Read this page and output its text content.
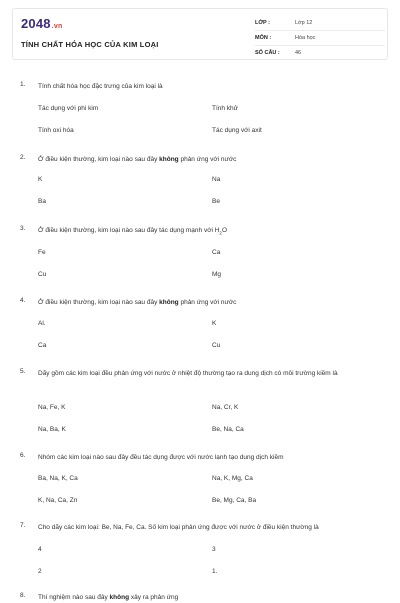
2048.vn
TÍNH CHẤT HÓA HỌC CỦA KIM LOẠI
LỚP :	Lớp 12
MÔN :	Hóa học
SỐ CÂU :	46
1. Tính chất hóa học đặc trưng của kim loại là
Tác dụng với phi kim	Tính khử
Tính oxi hóa	Tác dụng với axit
2. Ở điều kiện thường, kim loại nào sau đây không phản ứng với nước
K	Na
Ba	Be
3. Ở điều kiện thường, kim loại nào sau đây tác dụng mạnh với $H_2O$
Fe	Ca
Cu	Mg
4. Ở điều kiện thường, kim loại nào sau đây không phản ứng với nước
Al.	K
Ca	Cu
5. Dãy gồm các kim loại đều phản ứng với nước ở nhiệt độ thường tạo ra dung dịch có môi trường kiềm là
Na, Fe, K	Na, Cr, K
Na, Ba, K	Be, Na, Ca
6. Nhóm các kim loại nào sau đây đều tác dụng được với nước lạnh tạo dung dịch kiềm
Ba, Na, K, Ca	Na, K, Mg, Ca
K, Na, Ca, Zn	Be, Mg, Ca, Ba
7. Cho dãy các kim loại: Be, Na, Fe, Ca. Số kim loại phản ứng được với nước ở điều kiện thường là
4	3
2	1.
8. Thí nghiệm nào sau đây không xảy ra phản ứng
